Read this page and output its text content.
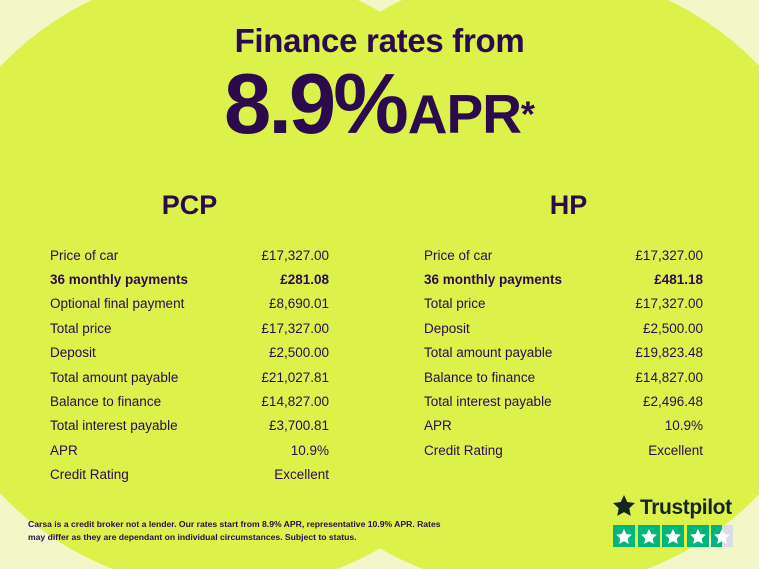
Finance rates from
8.9%APR*
PCP
Price of car	£17,327.00
36 monthly payments	£281.08
Optional final payment	£8,690.01
Total price	£17,327.00
Deposit	£2,500.00
Total amount payable	£21,027.81
Balance to finance	£14,827.00
Total interest payable	£3,700.81
APR	10.9%
Credit Rating	Excellent
HP
Price of car	£17,327.00
36 monthly payments	£481.18
Total price	£17,327.00
Deposit	£2,500.00
Total amount payable	£19,823.48
Balance to finance	£14,827.00
Total interest payable	£2,496.48
APR	10.9%
Credit Rating	Excellent
Carsa is a credit broker not a lender. Our rates start from 8.9% APR, representative 10.9% APR. Rates may differ as they are dependant on individual circumstances. Subject to status.
Trustpilot
